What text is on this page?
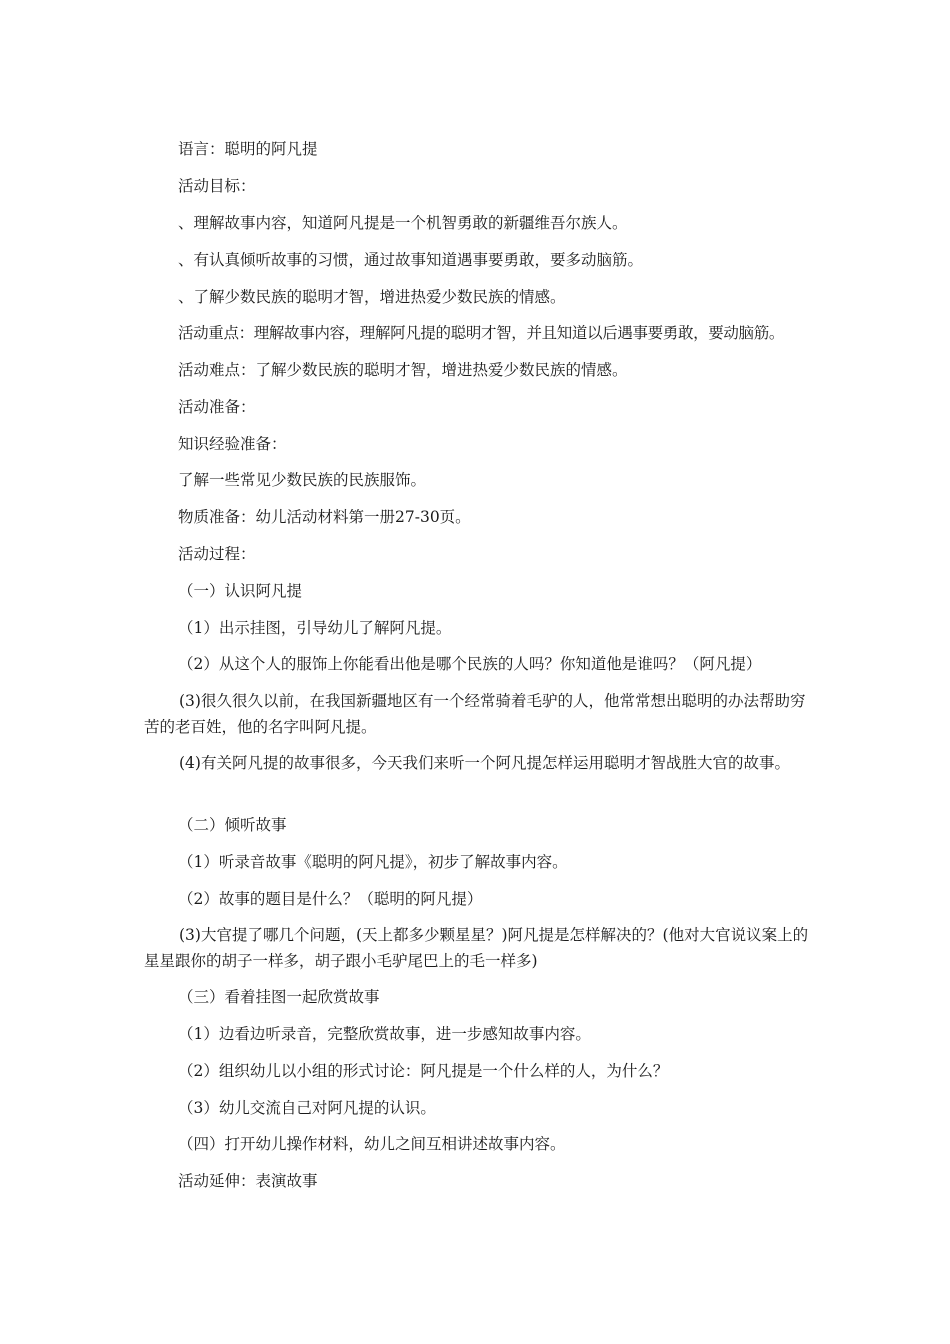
语言：聪明的阿凡提
活动目标：
、理解故事内容，知道阿凡提是一个机智勇敢的新疆维吾尔族人。
、有认真倾听故事的习惯，通过故事知道遇事要勇敢，要多动脑筋。
、了解少数民族的聪明才智，增进热爱少数民族的情感。
活动重点：理解故事内容，理解阿凡提的聪明才智，并且知道以后遇事要勇敢，要动脑筋。
活动难点：了解少数民族的聪明才智，增进热爱少数民族的情感。
活动准备：
知识经验准备：
了解一些常见少数民族的民族服饰。
物质准备：幼儿活动材料第一册27-30页。
活动过程：
（一）认识阿凡提
（1）出示挂图，引导幼儿了解阿凡提。
（2）从这个人的服饰上你能看出他是哪个民族的人吗？你知道他是谁吗？（阿凡提）
(3)很久很久以前，在我国新疆地区有一个经常骑着毛驴的人，他常常想出聪明的办法帮助穷苦的老百姓，他的名字叫阿凡提。
(4)有关阿凡提的故事很多，今天我们来听一个阿凡提怎样运用聪明才智战胜大官的故事。
（二）倾听故事
（1）听录音故事《聪明的阿凡提》，初步了解故事内容。
（2）故事的题目是什么？（聪明的阿凡提）
(3)大官提了哪几个问题，(天上都多少颗星星？)阿凡提是怎样解决的？(他对大官说议案上的星星跟你的胡子一样多，胡子跟小毛驴尾巴上的毛一样多)
（三）看着挂图一起欣赏故事
（1）边看边听录音，完整欣赏故事，进一步感知故事内容。
（2）组织幼儿以小组的形式讨论：阿凡提是一个什么样的人，为什么？
（3）幼儿交流自己对阿凡提的认识。
（四）打开幼儿操作材料，幼儿之间互相讲述故事内容。
活动延伸：表演故事
